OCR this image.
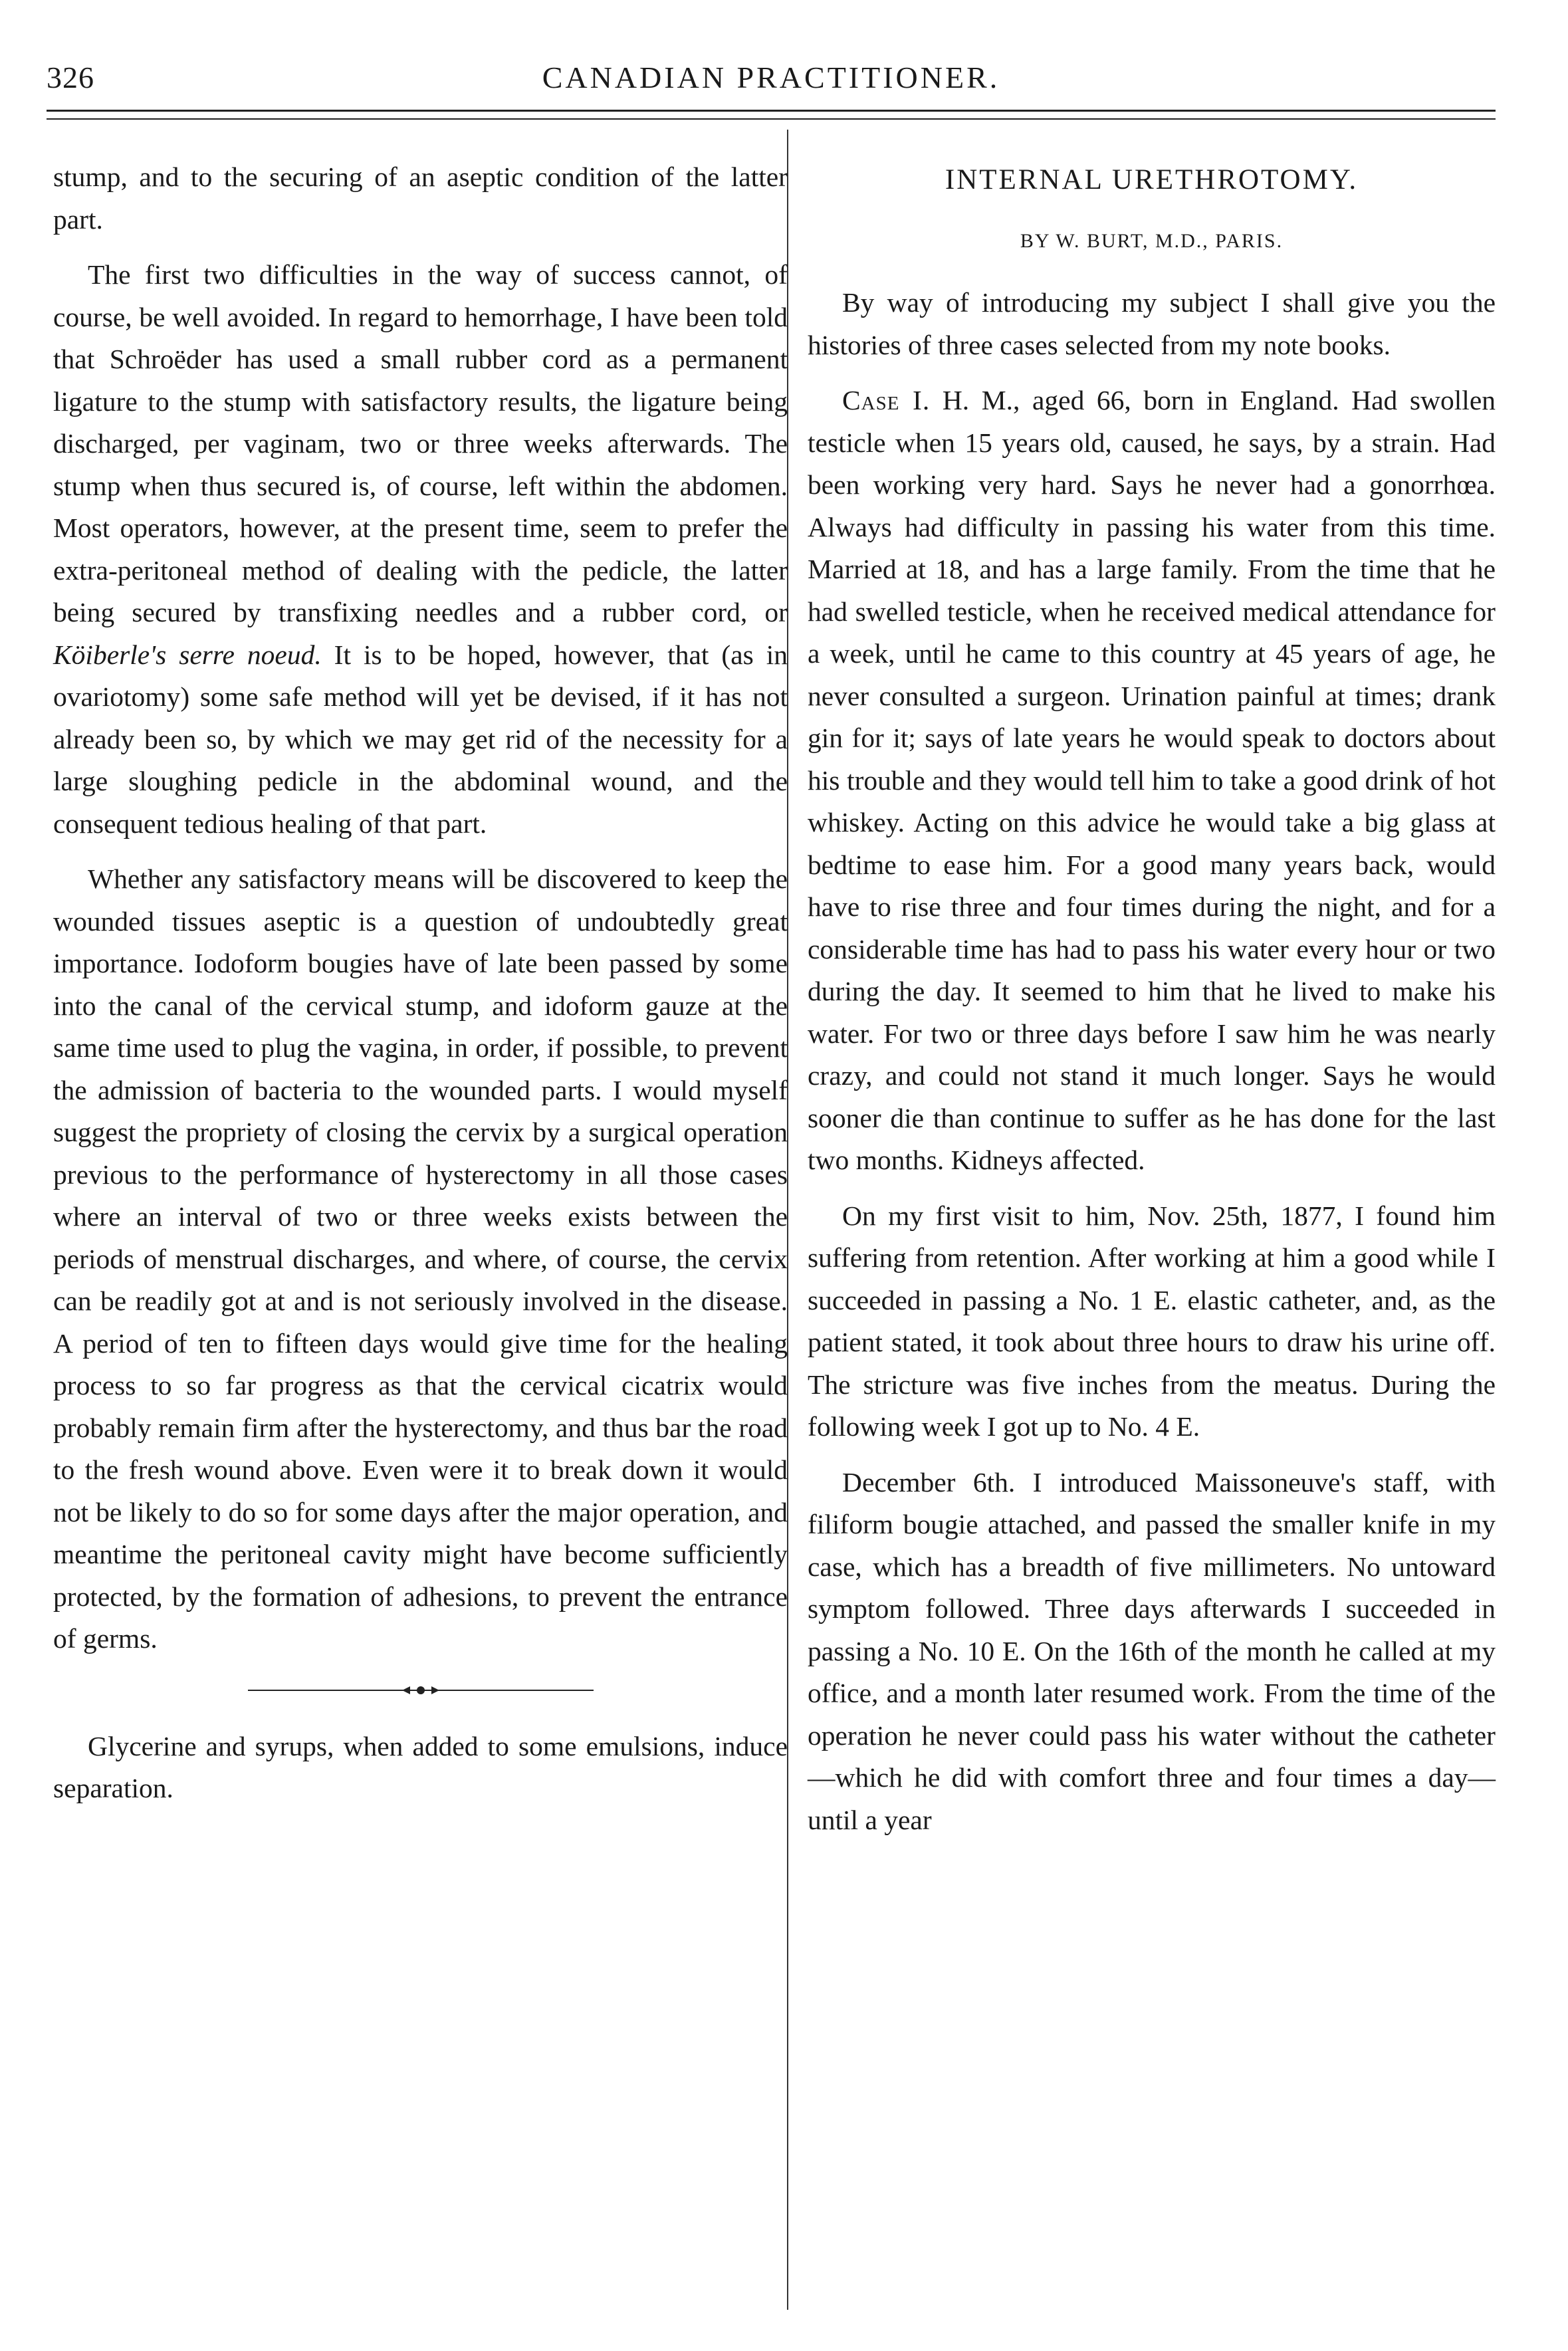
326	CANADIAN PRACTITIONER.

stump, and to the securing of an aseptic condition of the latter part.

The first two difficulties in the way of success cannot, of course, be well avoided. In regard to hemorrhage, I have been told that Schroëder has used a small rubber cord as a permanent ligature to the stump with satisfactory results, the ligature being discharged, per vaginam, two or three weeks afterwards. The stump when thus secured is, of course, left within the abdomen. Most operators, however, at the present time, seem to prefer the extra-peritoneal method of dealing with the pedicle, the latter being secured by transfixing needles and a rubber cord, or Köiberle's serre noeud. It is to be hoped, however, that (as in ovariotomy) some safe method will yet be devised, if it has not already been so, by which we may get rid of the necessity for a large sloughing pedicle in the abdominal wound, and the consequent tedious healing of that part.

Whether any satisfactory means will be discovered to keep the wounded tissues aseptic is a question of undoubtedly great importance. Iodoform bougies have of late been passed by some into the canal of the cervical stump, and idoform gauze at the same time used to plug the vagina, in order, if possible, to prevent the admission of bacteria to the wounded parts. I would myself suggest the propriety of closing the cervix by a surgical operation previous to the performance of hysterectomy in all those cases where an interval of two or three weeks exists between the periods of menstrual discharges, and where, of course, the cervix can be readily got at and is not seriously involved in the disease. A period of ten to fifteen days would give time for the healing process to so far progress as that the cervical cicatrix would probably remain firm after the hysterectomy, and thus bar the road to the fresh wound above. Even were it to break down it would not be likely to do so for some days after the major operation, and meantime the peritoneal cavity might have become sufficiently protected, by the formation of adhesions, to prevent the entrance of germs.

Glycerine and syrups, when added to some emulsions, induce separation.

INTERNAL URETHROTOMY.
BY W. BURT, M.D., PARIS.

By way of introducing my subject I shall give you the histories of three cases selected from my note books.

Case I. H. M., aged 66, born in England. Had swollen testicle when 15 years old, caused, he says, by a strain. Had been working very hard. Says he never had a gonorrhœa. Always had difficulty in passing his water from this time. Married at 18, and has a large family. From the time that he had swelled testicle, when he received medical attendance for a week, until he came to this country at 45 years of age, he never consulted a surgeon. Urination painful at times; drank gin for it; says of late years he would speak to doctors about his trouble and they would tell him to take a good drink of hot whiskey. Acting on this advice he would take a big glass at bedtime to ease him. For a good many years back, would have to rise three and four times during the night, and for a considerable time has had to pass his water every hour or two during the day. It seemed to him that he lived to make his water. For two or three days before I saw him he was nearly crazy, and could not stand it much longer. Says he would sooner die than continue to suffer as he has done for the last two months. Kidneys affected.

On my first visit to him, Nov. 25th, 1877, I found him suffering from retention. After working at him a good while I succeeded in passing a No. 1 E. elastic catheter, and, as the patient stated, it took about three hours to draw his urine off. The stricture was five inches from the meatus. During the following week I got up to No. 4 E.

December 6th. I introduced Maissoneuve's staff, with filiform bougie attached, and passed the smaller knife in my case, which has a breadth of five millimeters. No untoward symptom followed. Three days afterwards I succeeded in passing a No. 10 E. On the 16th of the month he called at my office, and a month later resumed work. From the time of the operation he never could pass his water without the catheter—which he did with comfort three and four times a day—until a year
